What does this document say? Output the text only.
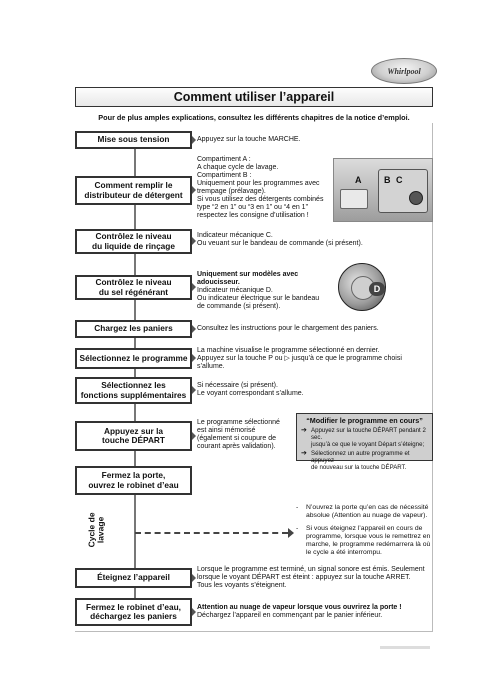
Whirlpool
Comment utiliser l’appareil
Pour de plus amples explications, consultez les différents chapitres de la notice d’emploi.
Mise sous tension	Appuyez sur la touche MARCHE.
Comment remplir le
distributeur de détergent
Compartiment A :
A chaque cycle de lavage.
Compartiment B :
Uniquement pour les programmes avec
trempage (prélavage).
Si vous utilisez des détergents combinés
type “2 en 1” ou “3 en 1” ou “4 en 1”
respectez les consigne d’utilisation !
A	B C
Contrôlez le niveau
du liquide de rinçage
Indicateur mécanique C.
Ou veuant sur le bandeau de commande (si présent).
Contrôlez le niveau
du sel régénérant
Uniquement sur modèles avec
adoucisseur.
Indicateur mécanique D.
Ou indicateur électrique sur le bandeau
de commande (si présent).
D
Chargez les paniers	Consultez les instructions pour le chargement des paniers.
Sélectionnez le programme
La machine visualise le programme sélectionné en dernier.
Appuyez sur la touche P ou ▷ jusqu’à ce que le programme choisi
s’allume.
Sélectionnez les
fonctions supplémentaires
Si nécessaire (si présent).
Le voyant correspondant s’allume.
Appuyez sur la
touche DÉPART
Le programme sélectionné
est ainsi mémorisé
(également si coupure de
courant après validation).
“Modifier le programme en cours”
➔ Appuyez sur la touche DÉPART pendant 2 sec.
jusqu’à ce que le voyant Départ s’éteigne;
➔ Sélectionnez un autre programme et appuyez
de nouveau sur la touche DÉPART.
Fermez la porte,
ouvrez le robinet d’eau
Cycle de
lavage
-	N’ouvrez la porte qu’en cas de nécessité absolue (Attention au nuage de vapeur).
-	Si vous éteignez l’appareil en cours de programme, lorsque vous le remettrez en marche, le programme redémarrera là où le cycle a été interrompu.
Éteignez l’appareil
Lorsque le programme est terminé, un signal sonore est émis. Seulement
lorsque le voyant DÉPART est éteint : appuyez sur la touche ARRET.
Tous les voyants s’éteignent.
Fermez le robinet d’eau,
déchargez les paniers
Attention au nuage de vapeur lorsque vous ouvrirez la porte !
Déchargez l’appareil en commençant par le panier inférieur.
